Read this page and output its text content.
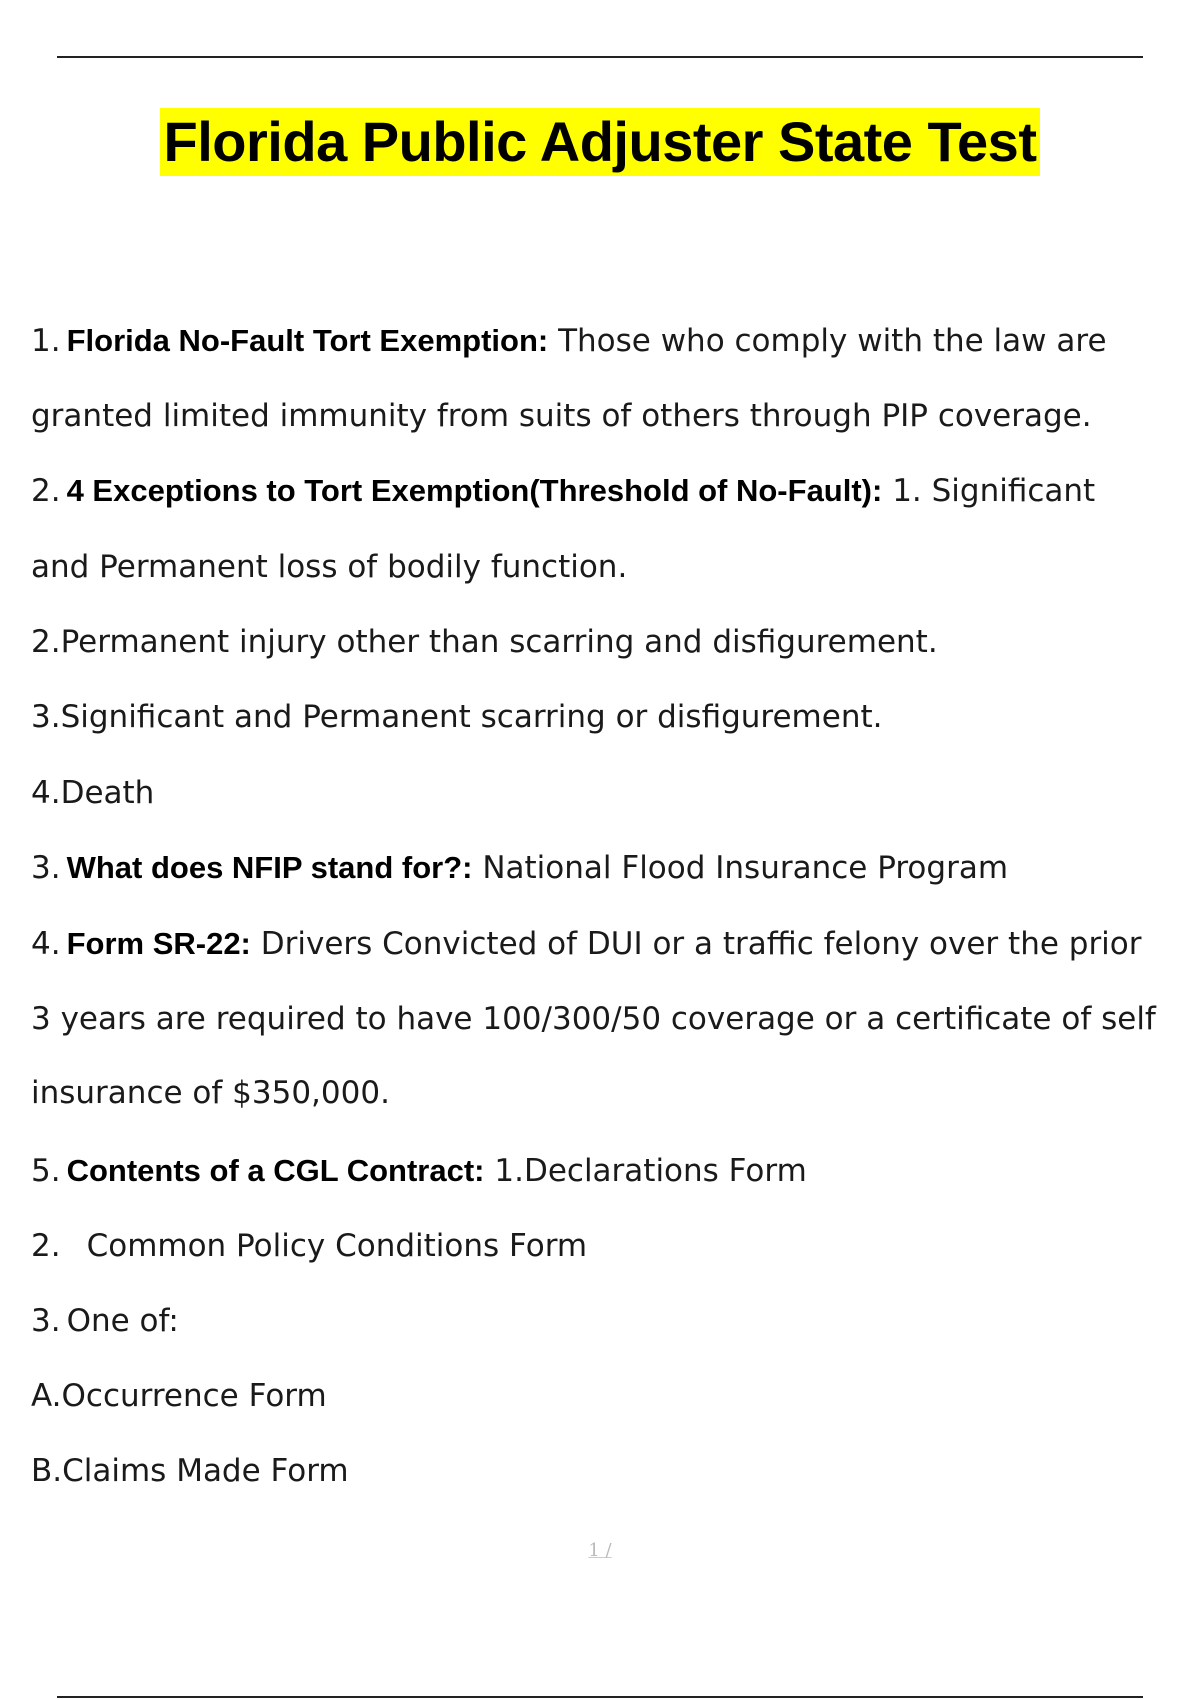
Florida Public Adjuster State Test
1. Florida No-Fault Tort Exemption: Those who comply with the law are
granted limited immunity from suits of others through PIP coverage.
2. 4 Exceptions to Tort Exemption(Threshold of No-Fault): 1. Significant
and Permanent loss of bodily function.
2.Permanent injury other than scarring and disfigurement.
3.Significant and Permanent scarring or disfigurement.
4.Death
3. What does NFIP stand for?: National Flood Insurance Program
4. Form SR-22: Drivers Convicted of DUI or a traffic felony over the prior
3 years are required to have 100/300/50 coverage or a certificate of self
insurance of $350,000.
5. Contents of a CGL Contract: 1.Declarations Form
2. Common Policy Conditions Form
3. One of:
A.Occurrence Form
B.Claims Made Form
1 /
